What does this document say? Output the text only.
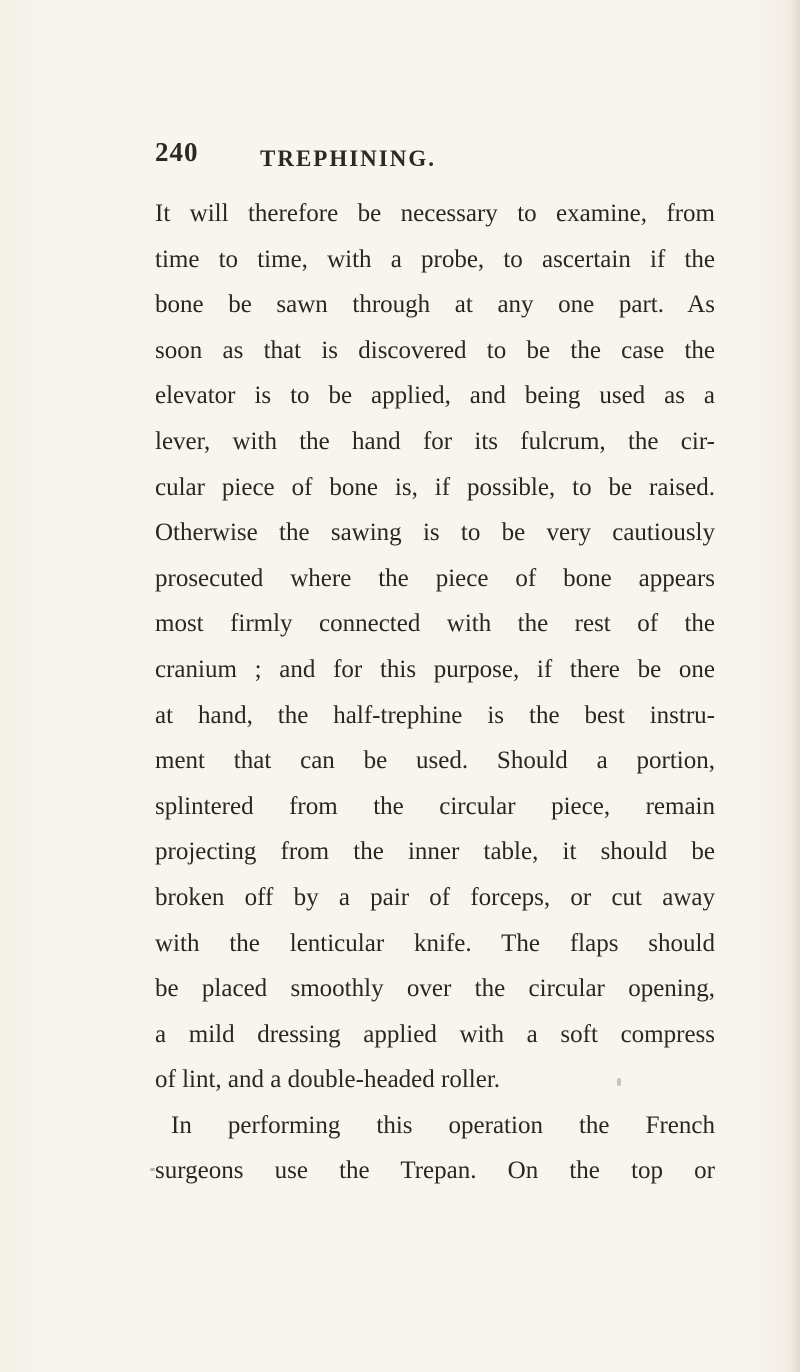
240	TREPHINING.
It will therefore be necessary to examine, from
time to time, with a probe, to ascertain if the
bone be sawn through at any one part. As
soon as that is discovered to be the case the
elevator is to be applied, and being used as a
lever, with the hand for its fulcrum, the cir-
cular piece of bone is, if possible, to be raised.
Otherwise the sawing is to be very cautiously
prosecuted where the piece of bone appears
most firmly connected with the rest of the
cranium ; and for this purpose, if there be one
at hand, the half-trephine is the best instru-
ment that can be used. Should a portion,
splintered from the circular piece, remain
projecting from the inner table, it should be
broken off by a pair of forceps, or cut away
with the lenticular knife. The flaps should
be placed smoothly over the circular opening,
a mild dressing applied with a soft compress
of lint, and a double-headed roller.
In performing this operation the French
surgeons use the Trepan. On the top or
